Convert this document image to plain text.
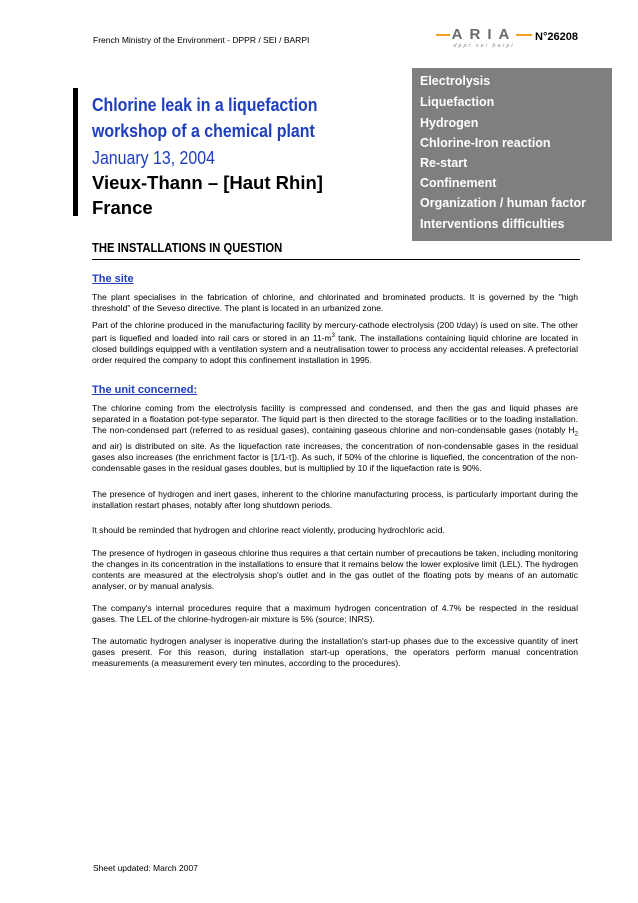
French Ministry of the Environment - DPPR / SEI / BARPI	ARIA
dppr sei barpi
N°26208
Chlorine leak in a liquefaction
workshop of a chemical plant
January 13, 2004
Vieux-Thann – [Haut Rhin]
France
Electrolysis
Liquefaction
Hydrogen
Chlorine-Iron reaction
Re-start
Confinement
Organization / human factor
Interventions difficulties
THE INSTALLATIONS IN QUESTION
The site
The plant specialises in the fabrication of chlorine, and chlorinated and brominated products. It is governed by the "high threshold" of the Seveso directive. The plant is located in an urbanized zone.
Part of the chlorine produced in the manufacturing facility by mercury-cathode electrolysis (200 t/day) is used on site. The other part is liquefied and loaded into rail cars or stored in an $11-m^3$ tank. The installations containing liquid chlorine are located in closed buildings equipped with a ventilation system and a neutralisation tower to process any accidental releases. A prefectorial order required the company to adopt this confinement installation in 1995.
The unit concerned:
The chlorine coming from the electrolysis facility is compressed and condensed, and then the gas and liquid phases are separated in a floatation pot-type separator. The liquid part is then directed to the storage facilities or to the loading installation. The non-condensed part (referred to as residual gases), containing gaseous chlorine and non-condensable gases (notably $H_2$ and air) is distributed on site. As the liquefaction rate increases, the concentration of non-condensable gases in the residual gases also increases (the enrichment factor is [1/1-τ]). As such, if 50% of the chlorine is liquefied, the concentration of the non-condensable gases in the residual gases doubles, but is multiplied by 10 if the liquefaction rate is 90%.
The presence of hydrogen and inert gases, inherent to the chlorine manufacturing process, is particularly important during the installation restart phases, notably after long shutdown periods.
It should be reminded that hydrogen and chlorine react violently, producing hydrochloric acid.
The presence of hydrogen in gaseous chlorine thus requires a that certain number of precautions be taken, including monitoring the changes in its concentration in the installations to ensure that it remains below the lower explosive limit (LEL). The hydrogen contents are measured at the electrolysis shop's outlet and in the gas outlet of the floating pots by means of an automatic analyser, or by manual analysis.
The company's internal procedures require that a maximum hydrogen concentration of 4.7% be respected in the residual gases. The LEL of the chlorine-hydrogen-air mixture is 5% (source: INRS).
The automatic hydrogen analyser is inoperative during the installation's start-up phases due to the excessive quantity of inert gases present. For this reason, during installation start-up operations, the operators perform manual concentration measurements (a measurement every ten minutes, according to the procedures).
Sheet updated: March 2007
